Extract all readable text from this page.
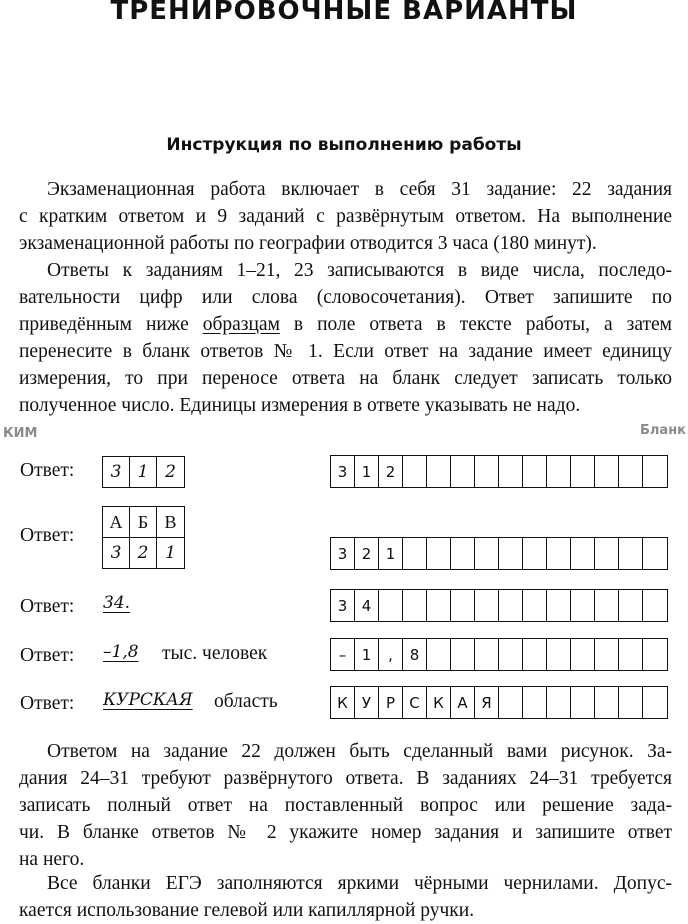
ТРЕНИРОВОЧНЫЕ ВАРИАНТЫ
Инструкция по выполнению работы
Экзаменационная работа включает в себя 31 задание: 22 задания
с кратким ответом и 9 заданий с развёрнутым ответом. На выполнение
экзаменационной работы по географии отводится 3 часа (180 минут).
Ответы к заданиям 1–21, 23 записываются в виде числа, последо-
вательности цифр или слова (словосочетания). Ответ запишите по
приведённым ниже образцам в поле ответа в тексте работы, а затем
перенесите в бланк ответов № 1. Если ответ на задание имеет единицу
измерения, то при переносе ответа на бланк следует записать только
полученное число. Единицы измерения в ответе указывать не надо.
КИМ	Бланк
Ответ:	3 1 2	3 1 2
Ответ:
А Б В
3 2 1	3 2 1
Ответ: 34.	3 4
Ответ: –1,8 тыс. человек	–	1	,	8
Ответ: КУРСКАЯ область	К У Р С К А Я
Ответом на задание 22 должен быть сделанный вами рисунок. За-
дания 24–31 требуют развёрнутого ответа. В заданиях 24–31 требуется
записать полный ответ на поставленный вопрос или решение зада-
чи. В бланке ответов № 2 укажите номер задания и запишите ответ
на него.
Все бланки ЕГЭ заполняются яркими чёрными чернилами. Допус-
кается использование гелевой или капиллярной ручки.
